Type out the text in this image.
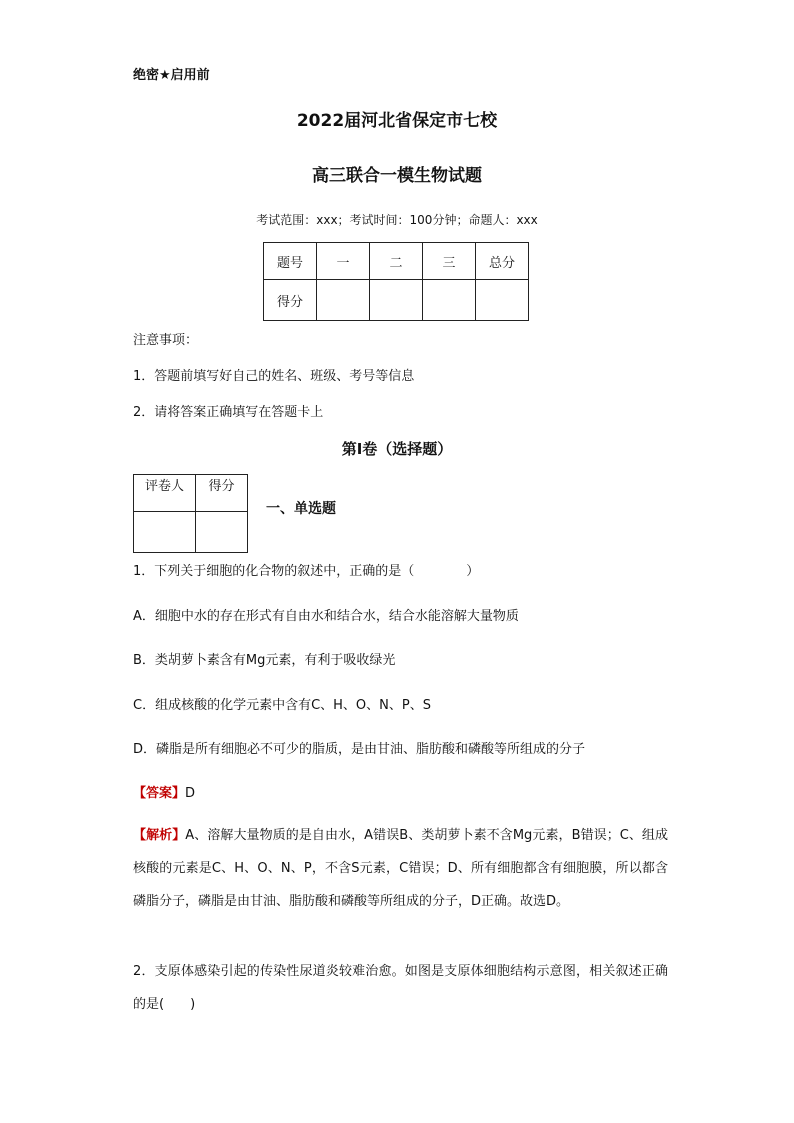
绝密★启用前
2022届河北省保定市七校
高三联合一模生物试题
考试范围：xxx；考试时间：100分钟；命题人：xxx
题号	一	二	三	总分
得分				
注意事项：
1．答题前填写好自己的姓名、班级、考号等信息
2．请将答案正确填写在答题卡上
第I卷（选择题）
评卷人	得分

一、单选题
1．下列关于细胞的化合物的叙述中，正确的是（　　　　）
A．细胞中水的存在形式有自由水和结合水，结合水能溶解大量物质
B．类胡萝卜素含有Mg元素，有利于吸收绿光
C．组成核酸的化学元素中含有C、H、O、N、P、S
D．磷脂是所有细胞必不可少的脂质，是由甘油、脂肪酸和磷酸等所组成的分子
【答案】D
【解析】A、溶解大量物质的是自由水，A错误B、类胡萝卜素不含Mg元素，B错误；C、组成核酸的元素是C、H、O、N、P，不含S元素，C错误；D、所有细胞都含有细胞膜，所以都含磷脂分子，磷脂是由甘油、脂肪酸和磷酸等所组成的分子，D正确。故选D。
2．支原体感染引起的传染性尿道炎较难治愈。如图是支原体细胞结构示意图，相关叙述正确的是(　　)
